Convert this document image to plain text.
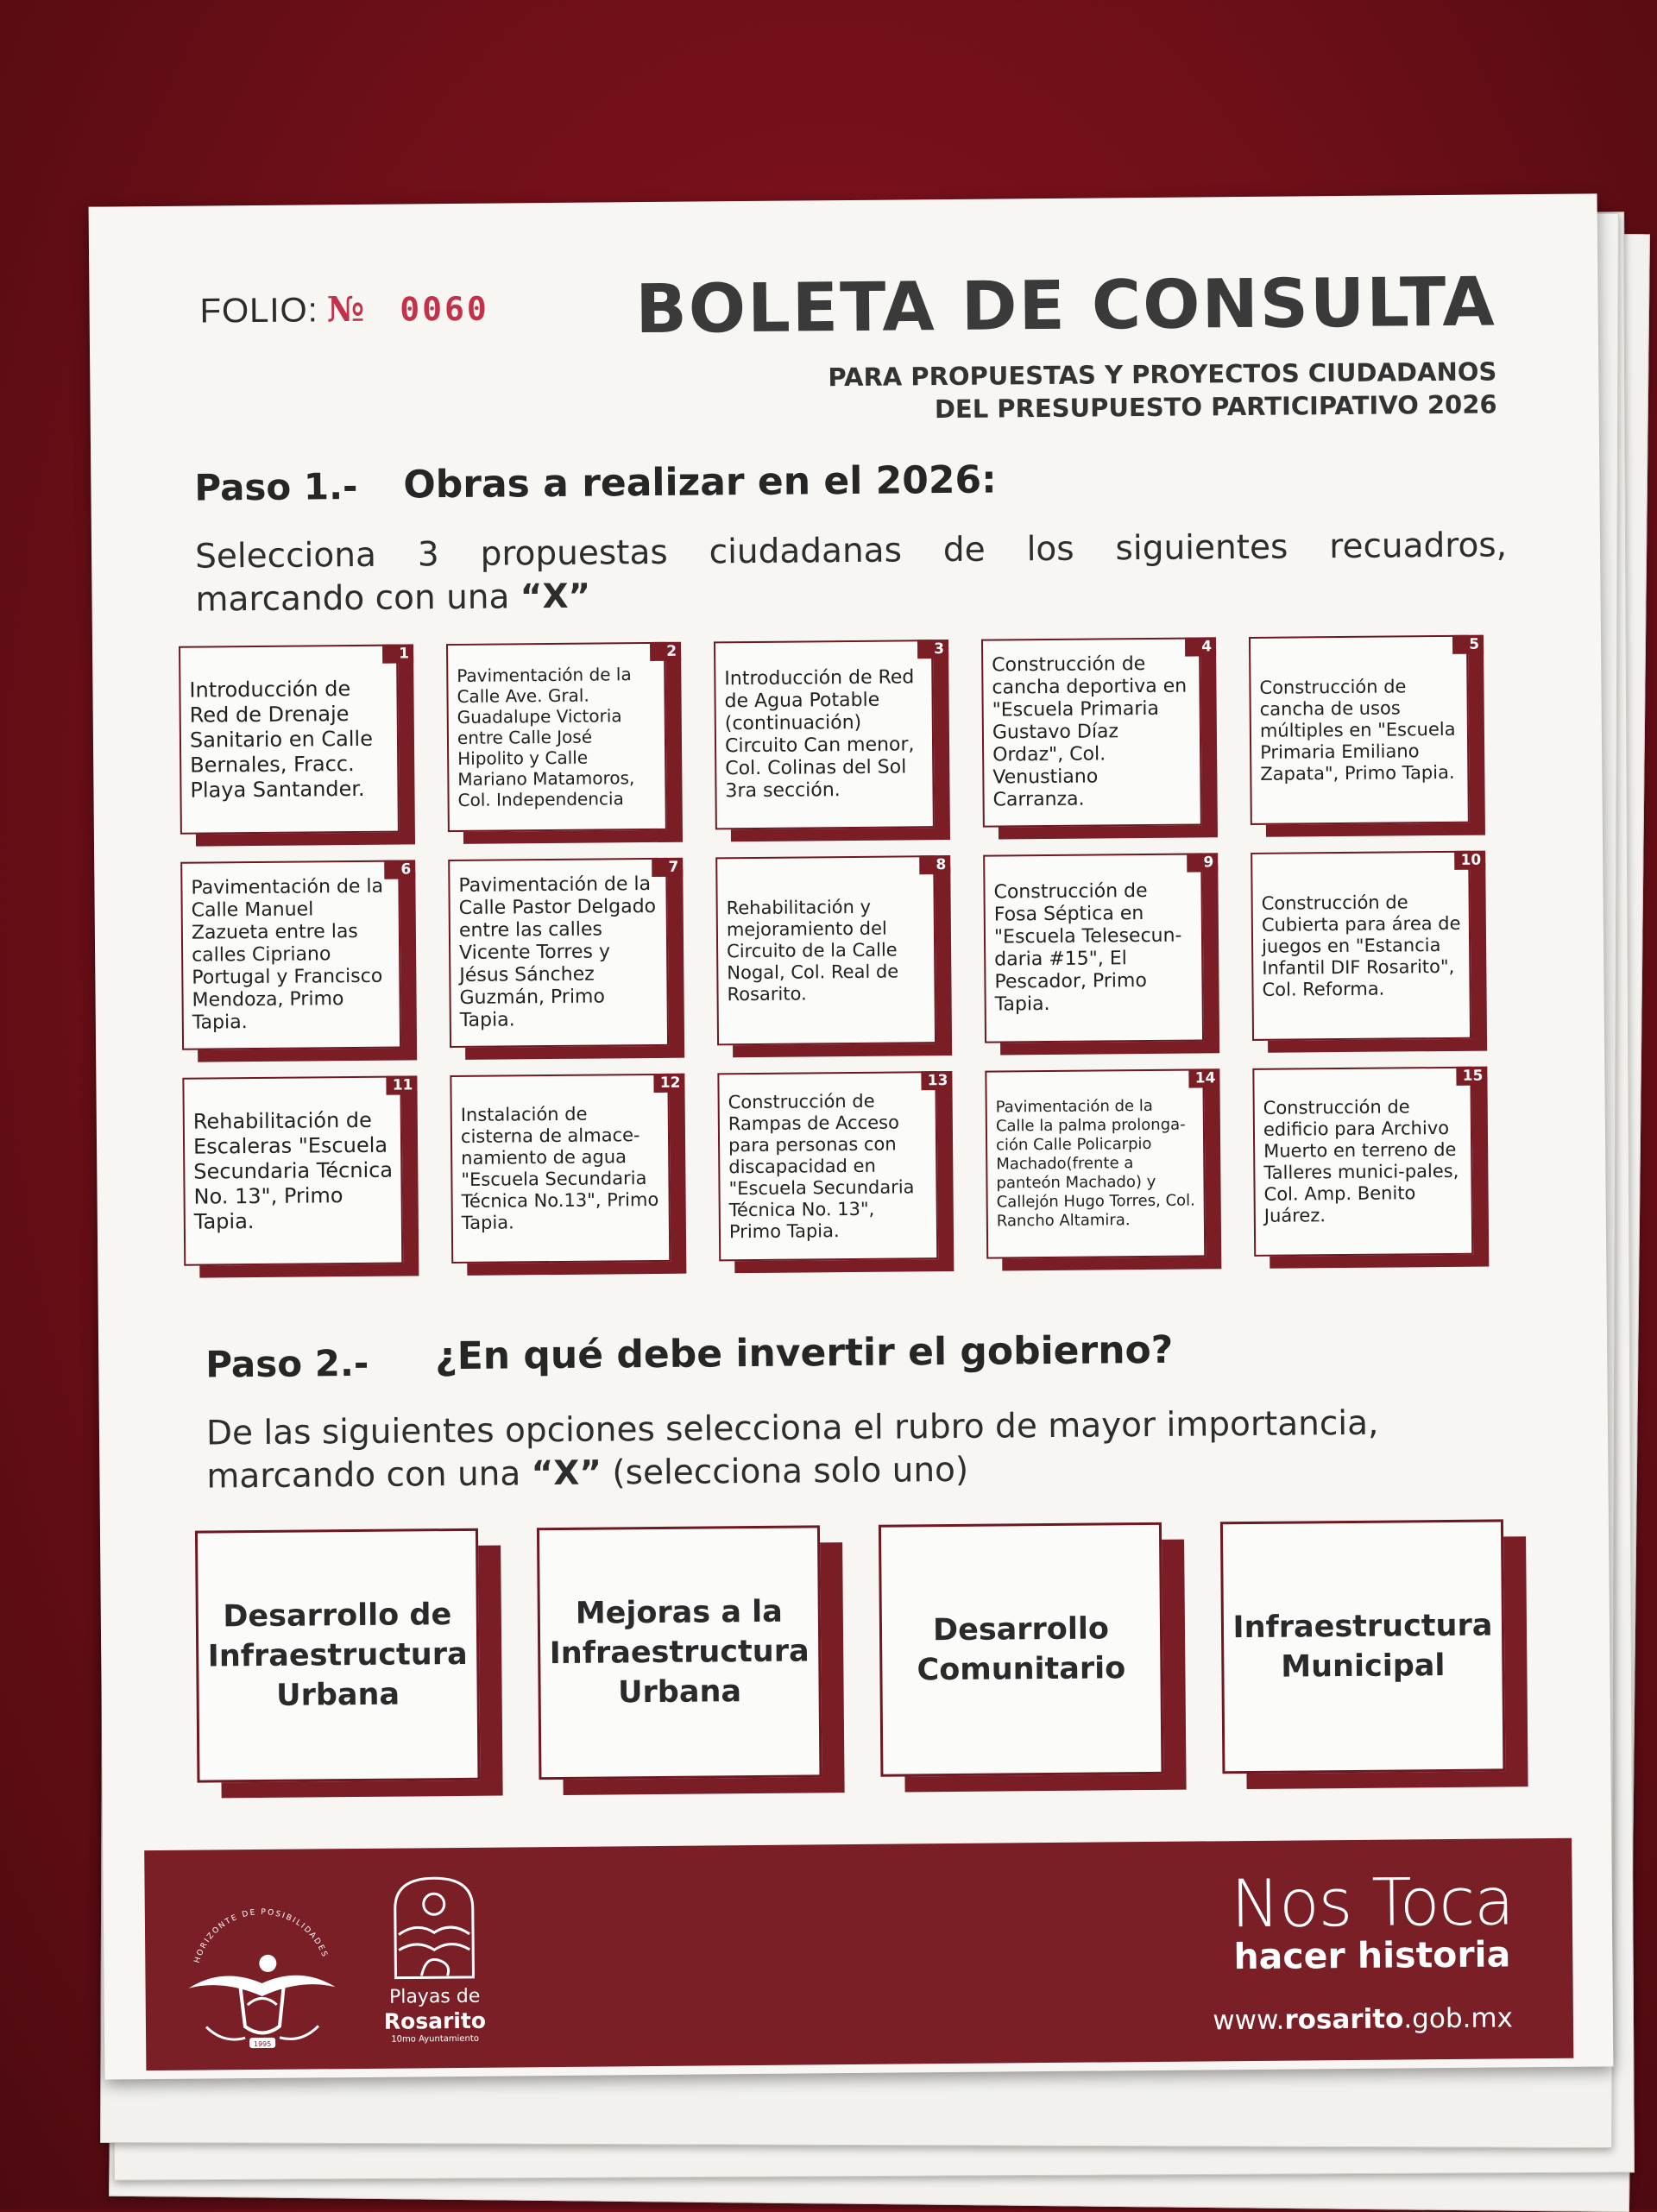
FOLIO: № 0060 BOLETA DE CONSULTA
PARA PROPUESTAS Y PROYECTOS CIUDADANOS
DEL PRESUPUESTO PARTICIPATIVO 2026
Paso 1.- Obras a realizar en el 2026:
Selecciona 3 propuestas ciudadanas de los siguientes recuadros,
marcando con una “X”
1
Introducción de Red de Drenaje Sanitario en Calle Bernales, Fracc. Playa Santander.
2
Pavimentación de la Calle Ave. Gral. Guadalupe Victoria entre Calle José Hipolito y Calle Mariano Matamoros, Col. Independencia
3
Introducción de Red de Agua Potable (continuación) Circuito Can menor, Col. Colinas del Sol 3ra sección.
4
Construcción de cancha deportiva en "Escuela Primaria Gustavo Díaz Ordaz", Col. Venustiano Carranza.
5
Construcción de cancha de usos múltiples en "Escuela Primaria Emiliano Zapata", Primo Tapia.
6
Pavimentación de la Calle Manuel Zazueta entre las calles Cipriano Portugal y Francisco Mendoza, Primo Tapia.
7
Pavimentación de la Calle Pastor Delgado entre las calles Vicente Torres y Jésus Sánchez Guzmán, Primo Tapia.
8
Rehabilitación y mejoramiento del Circuito de la Calle Nogal, Col. Real de Rosarito.
9
Construcción de Fosa Séptica en "Escuela Telesecun-daria #15", El Pescador, Primo Tapia.
10
Construcción de Cubierta para área de juegos en "Estancia Infantil DIF Rosarito", Col. Reforma.
11
Rehabilitación de Escaleras "Escuela Secundaria Técnica No. 13", Primo Tapia.
12
Instalación de cisterna de almace-namiento de agua "Escuela Secundaria Técnica No.13", Primo Tapia.
13
Construcción de Rampas de Acceso para personas con discapacidad en "Escuela Secundaria Técnica No. 13", Primo Tapia.
14
Pavimentación de la Calle la palma prolonga-ción Calle Policarpio Machado(frente a panteón Machado) y Callejón Hugo Torres, Col. Rancho Altamira.
15
Construcción de edificio para Archivo Muerto en terreno de Talleres munici-pales, Col. Amp. Benito Juárez.
Paso 2.- ¿En qué debe invertir el gobierno?
De las siguientes opciones selecciona el rubro de mayor importancia,
marcando con una “X” (selecciona solo uno)
Desarrollo de
Infraestructura
Urbana
Mejoras a la
Infraestructura
Urbana
Desarrollo
Comunitario
Infraestructura
Municipal
HORIZONTE DE POSIBILIDADES
1995
Playas de
Rosarito
10mo Ayuntamiento
Nos Toca
hacer historia
www.rosarito.gob.mx
